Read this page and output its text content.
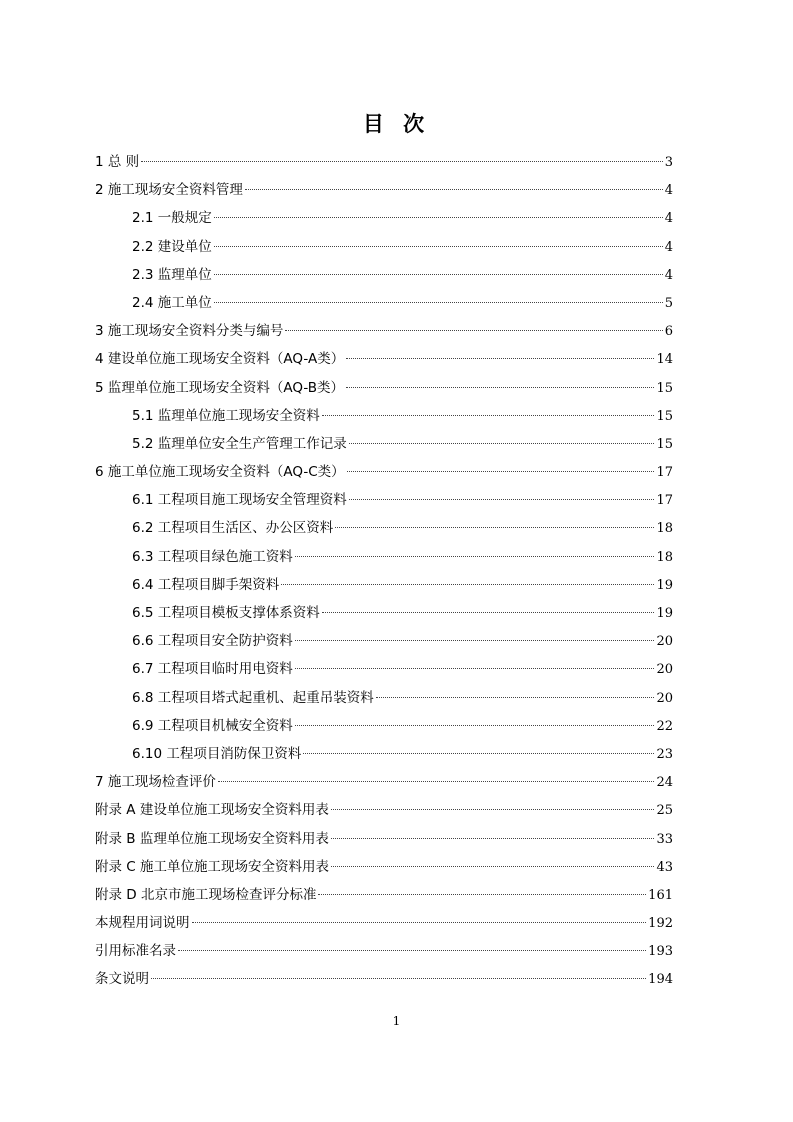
目 次
1 总 则	3
2 施工现场安全资料管理	4
2.1 一般规定	4
2.2 建设单位	4
2.3 监理单位	4
2.4 施工单位	5
3 施工现场安全资料分类与编号	6
4 建设单位施工现场安全资料（AQ-A类）	14
5 监理单位施工现场安全资料（AQ-B类）	15
5.1 监理单位施工现场安全资料	15
5.2 监理单位安全生产管理工作记录	15
6 施工单位施工现场安全资料（AQ-C类）	17
6.1 工程项目施工现场安全管理资料	17
6.2 工程项目生活区、办公区资料	18
6.3 工程项目绿色施工资料	18
6.4 工程项目脚手架资料	19
6.5 工程项目模板支撑体系资料	19
6.6 工程项目安全防护资料	20
6.7 工程项目临时用电资料	20
6.8 工程项目塔式起重机、起重吊装资料	20
6.9 工程项目机械安全资料	22
6.10 工程项目消防保卫资料	23
7 施工现场检查评价	24
附录 A 建设单位施工现场安全资料用表	25
附录 B 监理单位施工现场安全资料用表	33
附录 C 施工单位施工现场安全资料用表	43
附录 D 北京市施工现场检查评分标准	161
本规程用词说明	192
引用标准名录	193
条文说明	194
1
